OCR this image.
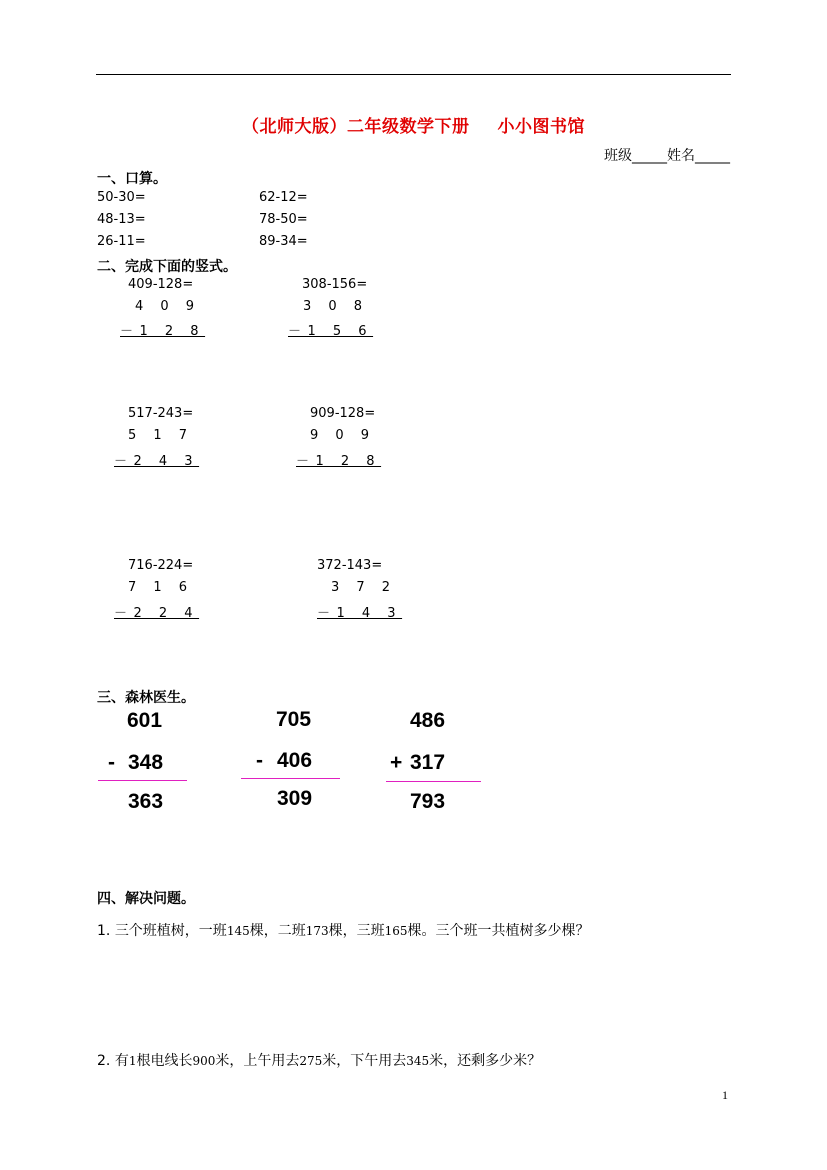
（北师大版）二年级数学下册 小小图书馆
班级_____姓名_____
一、口算。
50-30=
48-13=
26-11=
62-12=
78-50=
89-34=
二、完成下面的竖式。
409-128=
4 0 9
－1 2 8
308-156=
3 0 8
－1 5 6
517-243=
5 1 7
－2 4 3
909-128=
9 0 9
－1 2 8
716-224=
7 1 6
－2 2 4
372-143=
3 7 2
－1 4 3
三、森林医生。
601
- 348
363
705
- 406
309
486
+ 317
793
四、解决问题。
1. 三个班植树，一班145棵，二班173棵，三班165棵。三个班一共植树多少棵？
2. 有1根电线长900米，上午用去275米，下午用去345米，还剩多少米？
1
